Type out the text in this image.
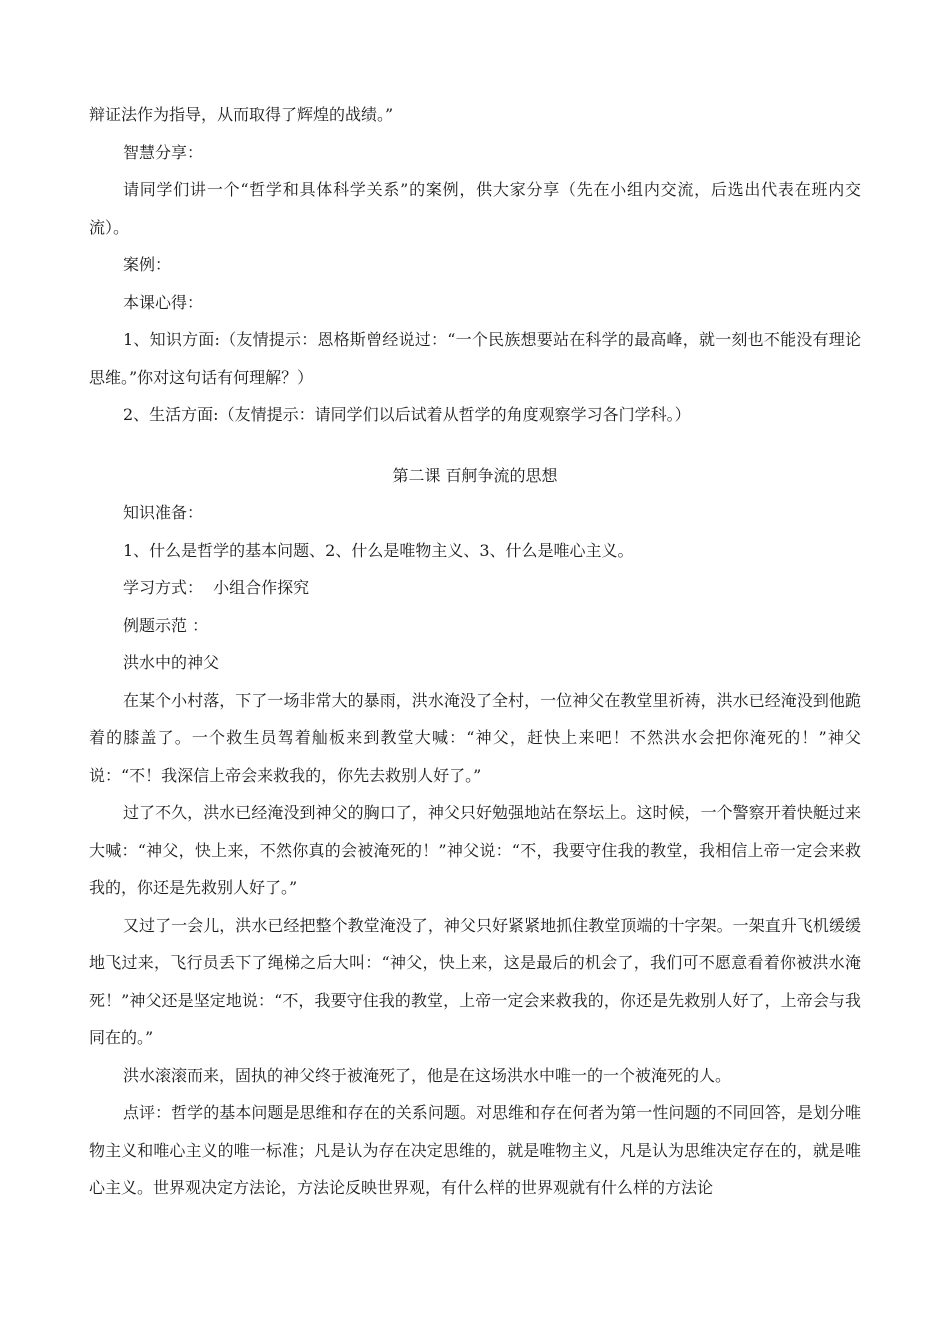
辩证法作为指导，从而取得了辉煌的战绩。”

智慧分享：

请同学们讲一个“哲学和具体科学关系”的案例，供大家分享（先在小组内交流，后选出代表在班内交流）。

案例：

本课心得：

1、知识方面:（友情提示：恩格斯曾经说过：“一个民族想要站在科学的最高峰，就一刻也不能没有理论思维。”你对这句话有何理解？）

2、生活方面:（友情提示：请同学们以后试着从哲学的角度观察学习各门学科。）

第二课 百舸争流的思想

知识准备：

1、什么是哲学的基本问题、2、什么是唯物主义、3、什么是唯心主义。

学习方式：  小组合作探究

例题示范 ：

洪水中的神父

在某个小村落，下了一场非常大的暴雨，洪水淹没了全村，一位神父在教堂里祈祷，洪水已经淹没到他跪着的膝盖了。一个救生员驾着舢板来到教堂大喊：“神父，赶快上来吧！不然洪水会把你淹死的！”神父说：“不！我深信上帝会来救我的，你先去救别人好了。”

过了不久，洪水已经淹没到神父的胸口了，神父只好勉强地站在祭坛上。这时候，一个警察开着快艇过来大喊：“神父，快上来，不然你真的会被淹死的！”神父说：“不，我要守住我的教堂，我相信上帝一定会来救我的，你还是先救别人好了。”

又过了一会儿，洪水已经把整个教堂淹没了，神父只好紧紧地抓住教堂顶端的十字架。一架直升飞机缓缓地飞过来，飞行员丢下了绳梯之后大叫：“神父，快上来，这是最后的机会了，我们可不愿意看着你被洪水淹死！”神父还是坚定地说：“不，我要守住我的教堂，上帝一定会来救我的，你还是先救别人好了，上帝会与我同在的。”

洪水滚滚而来，固执的神父终于被淹死了，他是在这场洪水中唯一的一个被淹死的人。

点评：哲学的基本问题是思维和存在的关系问题。对思维和存在何者为第一性问题的不同回答，是划分唯物主义和唯心主义的唯一标准；凡是认为存在决定思维的，就是唯物主义，凡是认为思维决定存在的，就是唯心主义。世界观决定方法论，方法论反映世界观，有什么样的世界观就有什么样的方法论
